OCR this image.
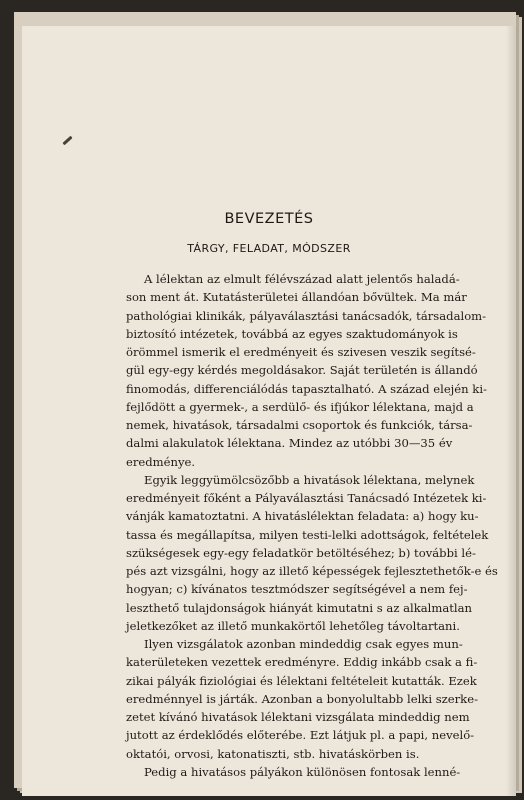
BEVEZETÉS
TÁRGY, FELADAT, MÓDSZER
A lélektan az elmult félévszázad alatt jelentős haladá-
son ment át. Kutatásterületei állandóan bővültek. Ma már
pathológiai klinikák, pályaválasztási tanácsadók, társadalom-
biztosító intézetek, továbbá az egyes szaktudományok is
örömmel ismerik el eredményeit és szivesen veszik segítsé-
gül egy-egy kérdés megoldásakor. Saját területén is állandó
finomodás, differenciálódás tapasztalható. A század elején ki-
fejlődött a gyermek-, a serdülő- és ifjúkor lélektana, majd a
nemek, hivatások, társadalmi csoportok és funkciók, társa-
dalmi alakulatok lélektana. Mindez az utóbbi 30—35 év
eredménye.
Egyik leggyümölcsözőbb a hivatások lélektana, melynek
eredményeit főként a Pályaválasztási Tanácsadó Intézetek ki-
vánják kamatoztatni. A hivatáslélektan feladata: a) hogy ku-
tassa és megállapítsa, milyen testi-lelki adottságok, feltételek
szükségesek egy-egy feladatkör betöltéséhez; b) további lé-
pés azt vizsgálni, hogy az illető képességek fejlesztethetők-e és
hogyan; c) kívánatos tesztmódszer segítségével a nem fej-
leszthető tulajdonságok hiányát kimutatni s az alkalmatlan
jeletkezőket az illető munkakörtől lehetőleg távoltartani.
Ilyen vizsgálatok azonban mindeddig csak egyes mun-
katerületeken vezettek eredményre. Eddig inkább csak a fi-
zikai pályák fiziológiai és lélektani feltételeit kutatták. Ezek
eredménnyel is járták. Azonban a bonyolultabb lelki szerke-
zetet kívánó hivatások lélektani vizsgálata mindeddig nem
jutott az érdeklődés előterébe. Ezt látjuk pl. a papi, nevelő-
oktatói, orvosi, katonatiszti, stb. hivatáskörben is.
Pedig a hivatásos pályákon különösen fontosak lenné-
